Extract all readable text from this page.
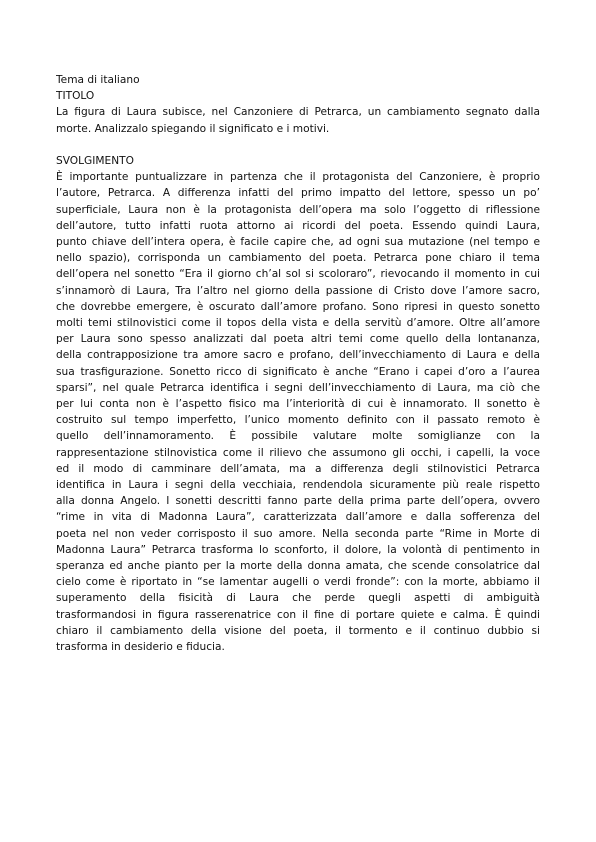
Tema di italiano
TITOLO
La figura di Laura subisce, nel Canzoniere di Petrarca, un cambiamento segnato dalla
morte. Analizzalo spiegando il significato e i motivi.
SVOLGIMENTO
È importante puntualizzare in partenza che il protagonista del Canzoniere, è proprio
l’autore, Petrarca. A differenza infatti del primo impatto del lettore, spesso un po’
superficiale, Laura non è la protagonista dell’opera ma solo l’oggetto di riflessione
dell’autore, tutto infatti ruota attorno ai ricordi del poeta. Essendo quindi Laura,
punto chiave dell’intera opera, è facile capire che, ad ogni sua mutazione (nel tempo e
nello spazio), corrisponda un cambiamento del poeta. Petrarca pone chiaro il tema
dell’opera nel sonetto “Era il giorno ch’al sol si scoloraro”, rievocando il momento in cui
s’innamorò di Laura, Tra l’altro nel giorno della passione di Cristo dove l’amore sacro,
che dovrebbe emergere, è oscurato dall’amore profano. Sono ripresi in questo sonetto
molti temi stilnovistici come il topos della vista e della servitù d’amore. Oltre all’amore
per Laura sono spesso analizzati dal poeta altri temi come quello della lontananza,
della contrapposizione tra amore sacro e profano, dell’invecchiamento di Laura e della
sua trasfigurazione. Sonetto ricco di significato è anche “Erano i capei d’oro a l’aurea
sparsi”, nel quale Petrarca identifica i segni dell’invecchiamento di Laura, ma ciò che
per lui conta non è l’aspetto fisico ma l’interiorità di cui è innamorato. Il sonetto è
costruito sul tempo imperfetto, l’unico momento definito con il passato remoto è
quello dell’innamoramento. È possibile valutare molte somiglianze con la
rappresentazione stilnovistica come il rilievo che assumono gli occhi, i capelli, la voce
ed il modo di camminare dell’amata, ma a differenza degli stilnovistici Petrarca
identifica in Laura i segni della vecchiaia, rendendola sicuramente più reale rispetto
alla donna Angelo. I sonetti descritti fanno parte della prima parte dell’opera, ovvero
“rime in vita di Madonna Laura”, caratterizzata dall’amore e dalla sofferenza del
poeta nel non veder corrisposto il suo amore. Nella seconda parte “Rime in Morte di
Madonna Laura” Petrarca trasforma lo sconforto, il dolore, la volontà di pentimento in
speranza ed anche pianto per la morte della donna amata, che scende consolatrice dal
cielo come è riportato in “se lamentar augelli o verdi fronde”: con la morte, abbiamo il
superamento della fisicità di Laura che perde quegli aspetti di ambiguità
trasformandosi in figura rasserenatrice con il fine di portare quiete e calma. È quindi
chiaro il cambiamento della visione del poeta, il tormento e il continuo dubbio si
trasforma in desiderio e fiducia.
